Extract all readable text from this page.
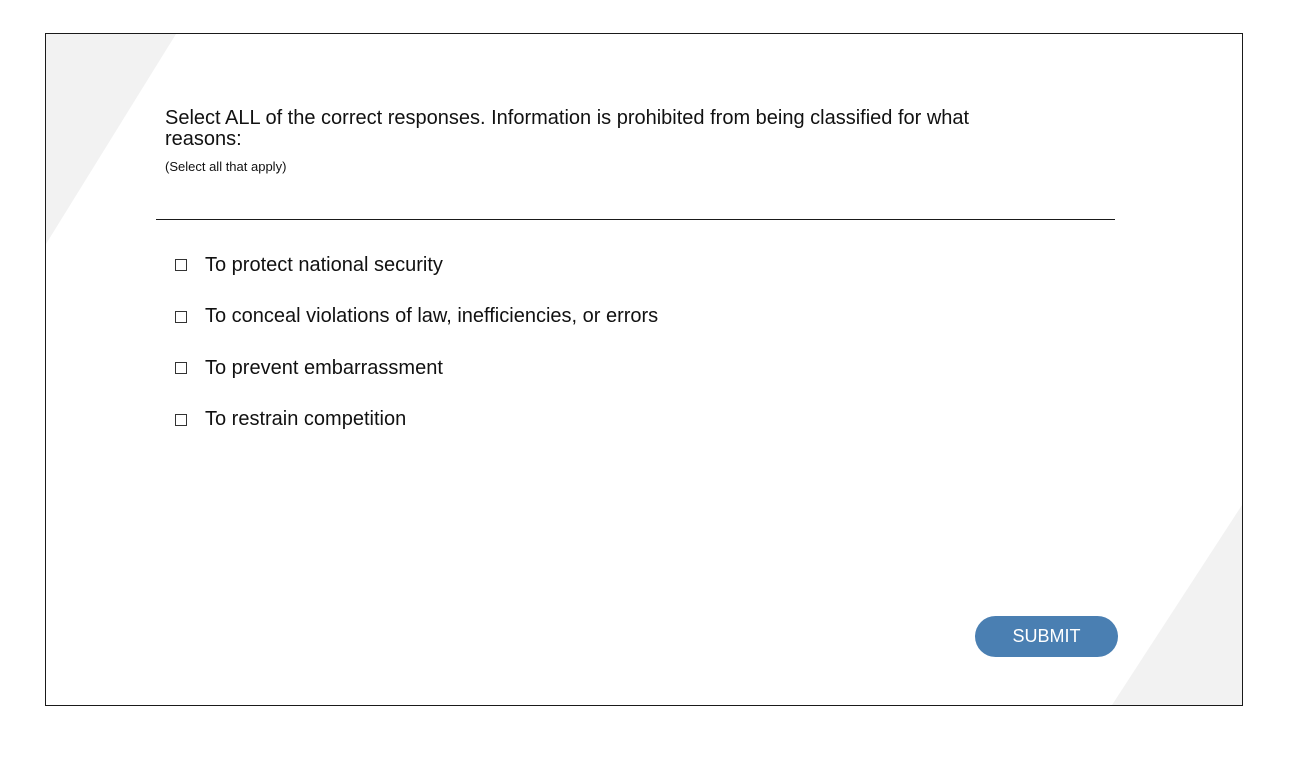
Select ALL of the correct responses. Information is prohibited from being classified for what reasons:
(Select all that apply)
To protect national security
To conceal violations of law, inefficiencies, or errors
To prevent embarrassment
To restrain competition
SUBMIT
